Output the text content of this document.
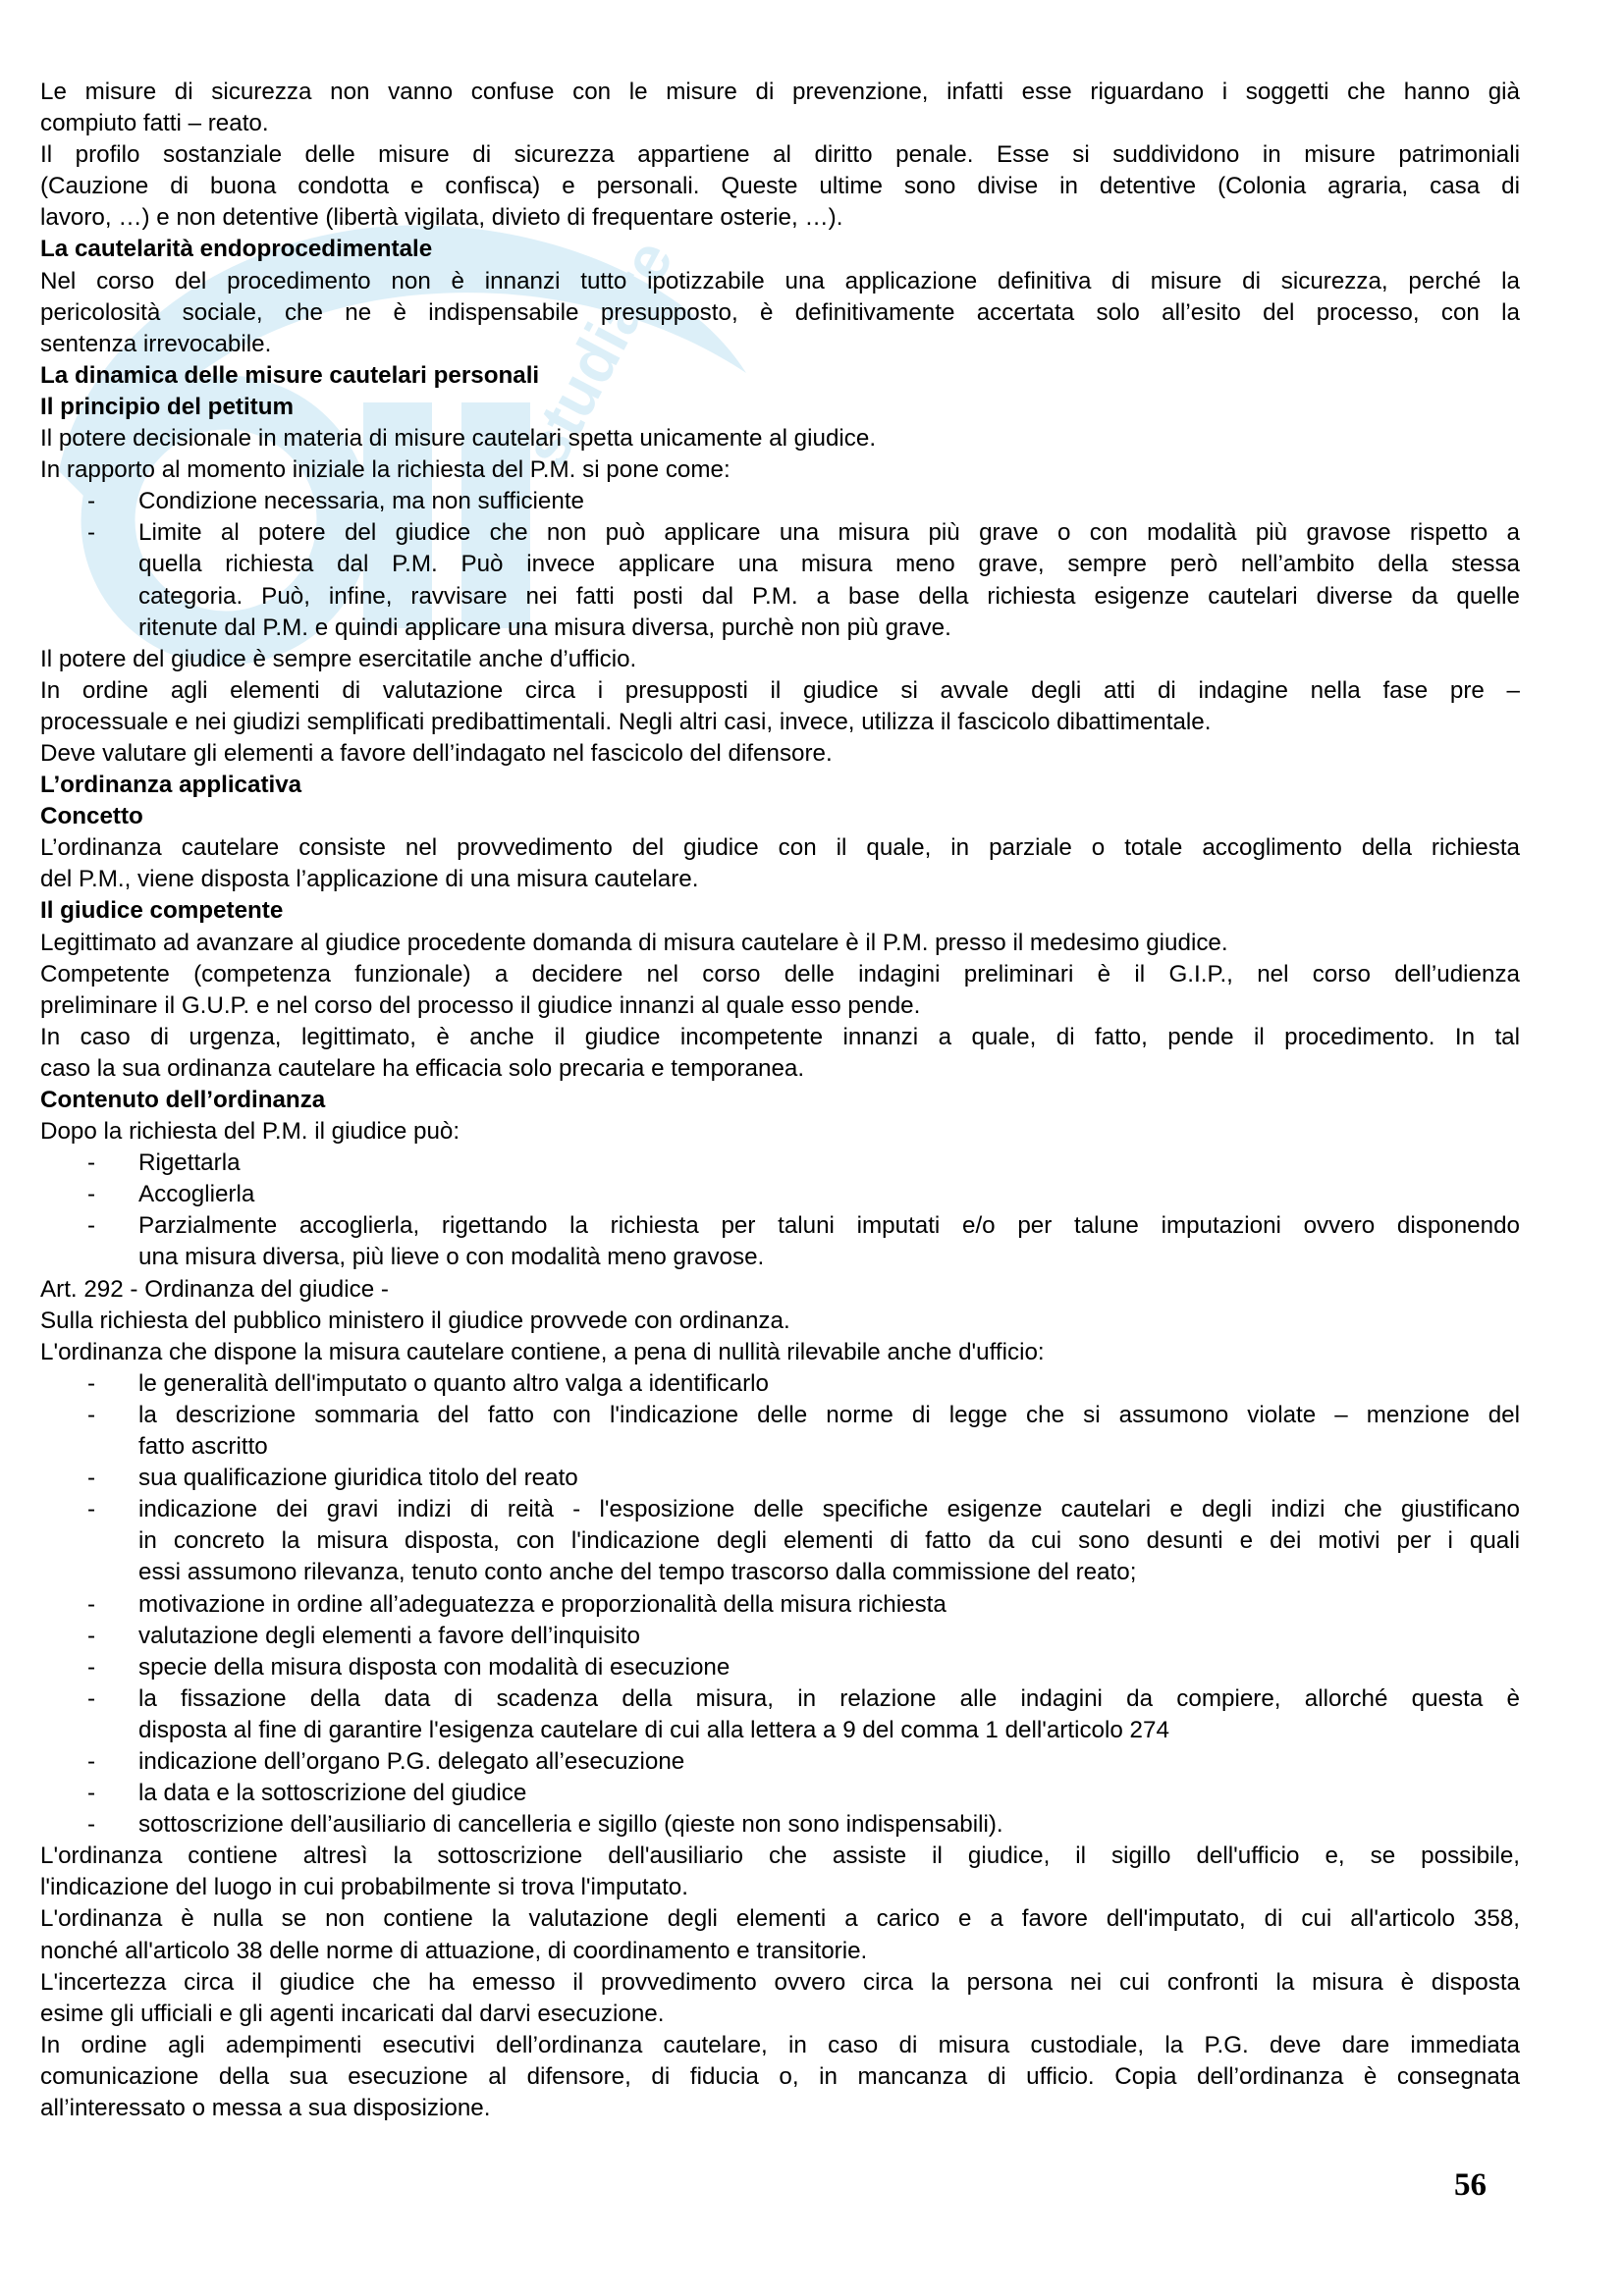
studiare
Le misure di sicurezza non vanno confuse con le misure di prevenzione, infatti esse riguardano i soggetti che hanno già
compiuto fatti – reato.
Il profilo sostanziale delle misure di sicurezza appartiene al diritto penale. Esse si suddividono in misure patrimoniali
(Cauzione di buona condotta e confisca) e personali. Queste ultime sono divise in detentive (Colonia agraria, casa di
lavoro, …) e non detentive (libertà vigilata, divieto di frequentare osterie, …).
La cautelarità endoprocedimentale
Nel corso del procedimento non è innanzi tutto ipotizzabile una applicazione definitiva di misure di sicurezza, perché la
pericolosità sociale, che ne è indispensabile presupposto, è definitivamente accertata solo all’esito del processo, con la
sentenza irrevocabile.
La dinamica delle misure cautelari personali
Il principio del petitum
Il potere decisionale in materia di misure cautelari spetta unicamente al giudice.
In rapporto al momento iniziale la richiesta del P.M. si pone come:
- Condizione necessaria, ma non sufficiente
- Limite al potere del giudice che non può applicare una misura più grave o con modalità più gravose rispetto a
quella richiesta dal P.M. Può invece applicare una misura meno grave, sempre però nell’ambito della stessa
categoria. Può, infine, ravvisare nei fatti posti dal P.M. a base della richiesta esigenze cautelari diverse da quelle
ritenute dal P.M. e quindi applicare una misura diversa, purchè non più grave.
Il potere del giudice è sempre esercitatile anche d’ufficio.
In ordine agli elementi di valutazione circa i presupposti il giudice si avvale degli atti di indagine nella fase pre –
processuale e nei giudizi semplificati predibattimentali. Negli altri casi, invece, utilizza il fascicolo dibattimentale.
Deve valutare gli elementi a favore dell’indagato nel fascicolo del difensore.
L’ordinanza applicativa
Concetto
L’ordinanza cautelare consiste nel provvedimento del giudice con il quale, in parziale o totale accoglimento della richiesta
del P.M., viene disposta l’applicazione di una misura cautelare.
Il giudice competente
Legittimato ad avanzare al giudice procedente domanda di misura cautelare è il P.M. presso il medesimo giudice.
Competente (competenza funzionale) a decidere nel corso delle indagini preliminari è il G.I.P., nel corso dell’udienza
preliminare il G.U.P. e nel corso del processo il giudice innanzi al quale esso pende.
In caso di urgenza, legittimato, è anche il giudice incompetente innanzi a quale, di fatto, pende il procedimento. In tal
caso la sua ordinanza cautelare ha efficacia solo precaria e temporanea.
Contenuto dell’ordinanza
Dopo la richiesta del P.M. il giudice può:
- Rigettarla
- Accoglierla
- Parzialmente accoglierla, rigettando la richiesta per taluni imputati e/o per talune imputazioni ovvero disponendo
una misura diversa, più lieve o con modalità meno gravose.
Art. 292 - Ordinanza del giudice -
Sulla richiesta del pubblico ministero il giudice provvede con ordinanza.
L'ordinanza che dispone la misura cautelare contiene, a pena di nullità rilevabile anche d'ufficio:
- le generalità dell'imputato o quanto altro valga a identificarlo
- la descrizione sommaria del fatto con l'indicazione delle norme di legge che si assumono violate – menzione del
fatto ascritto
- sua qualificazione giuridica titolo del reato
- indicazione dei gravi indizi di reità - l'esposizione delle specifiche esigenze cautelari e degli indizi che giustificano
in concreto la misura disposta, con l'indicazione degli elementi di fatto da cui sono desunti e dei motivi per i quali
essi assumono rilevanza, tenuto conto anche del tempo trascorso dalla commissione del reato;
- motivazione in ordine all’adeguatezza e proporzionalità della misura richiesta
- valutazione degli elementi a favore dell’inquisito
- specie della misura disposta con modalità di esecuzione
- la fissazione della data di scadenza della misura, in relazione alle indagini da compiere, allorché questa è
disposta al fine di garantire l'esigenza cautelare di cui alla lettera a 9 del comma 1 dell'articolo 274
- indicazione dell’organo P.G. delegato all’esecuzione
- la data e la sottoscrizione del giudice
- sottoscrizione dell’ausiliario di cancelleria e sigillo (qieste non sono indispensabili).
L'ordinanza contiene altresì la sottoscrizione dell'ausiliario che assiste il giudice, il sigillo dell'ufficio e, se possibile,
l'indicazione del luogo in cui probabilmente si trova l'imputato.
L'ordinanza è nulla se non contiene la valutazione degli elementi a carico e a favore dell'imputato, di cui all'articolo 358,
nonché all'articolo 38 delle norme di attuazione, di coordinamento e transitorie.
L'incertezza circa il giudice che ha emesso il provvedimento ovvero circa la persona nei cui confronti la misura è disposta
esime gli ufficiali e gli agenti incaricati dal darvi esecuzione.
In ordine agli adempimenti esecutivi dell’ordinanza cautelare, in caso di misura custodiale, la P.G. deve dare immediata
comunicazione della sua esecuzione al difensore, di fiducia o, in mancanza di ufficio. Copia dell’ordinanza è consegnata
all’interessato o messa a sua disposizione.
56
